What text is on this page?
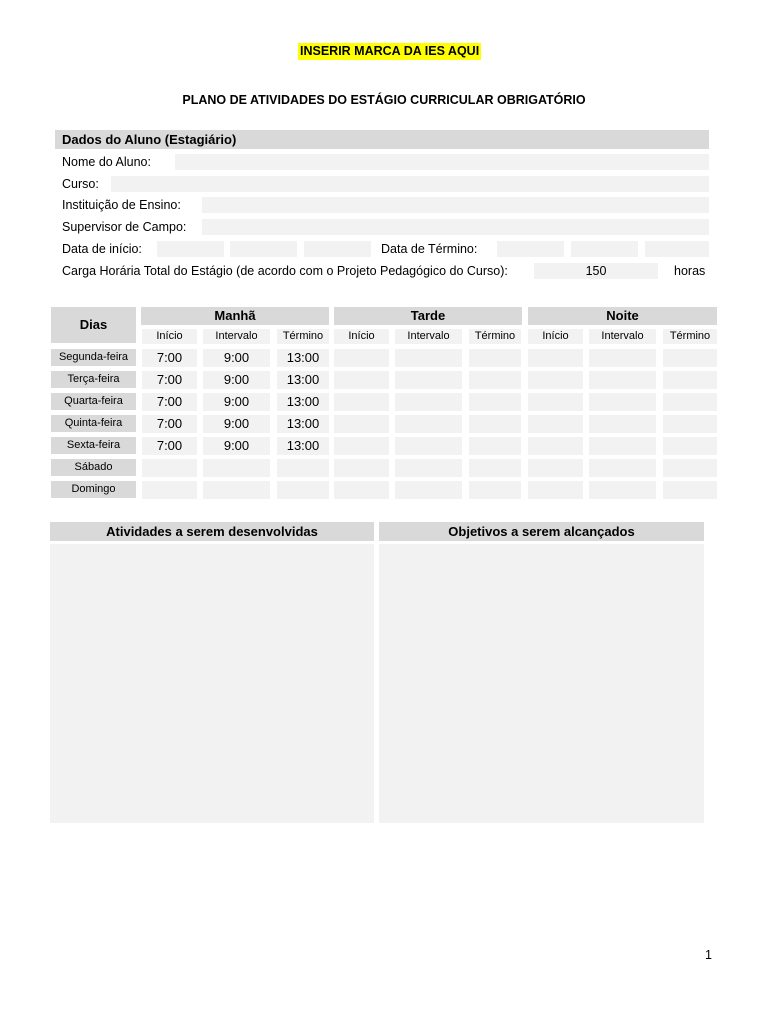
INSERIR MARCA DA IES AQUI
PLANO DE ATIVIDADES DO ESTÁGIO CURRICULAR OBRIGATÓRIO
Dados do Aluno (Estagiário)
Nome do Aluno:
Curso:
Instituição de Ensino:
Supervisor de Campo:
Data de início:	Data de Término:
Carga Horária Total do Estágio (de acordo com o Projeto Pedagógico do Curso):	150	horas
Dias
Manhã	Tarde	Noite
Início	Intervalo	Término	Início	Intervalo	Término	Início	Intervalo	Término
Segunda-feira	7:00	9:00	13:00
Terça-feira	7:00	9:00	13:00
Quarta-feira	7:00	9:00	13:00
Quinta-feira	7:00	9:00	13:00
Sexta-feira	7:00	9:00	13:00
Sábado
Domingo
Atividades a serem desenvolvidas	Objetivos a serem alcançados
1
